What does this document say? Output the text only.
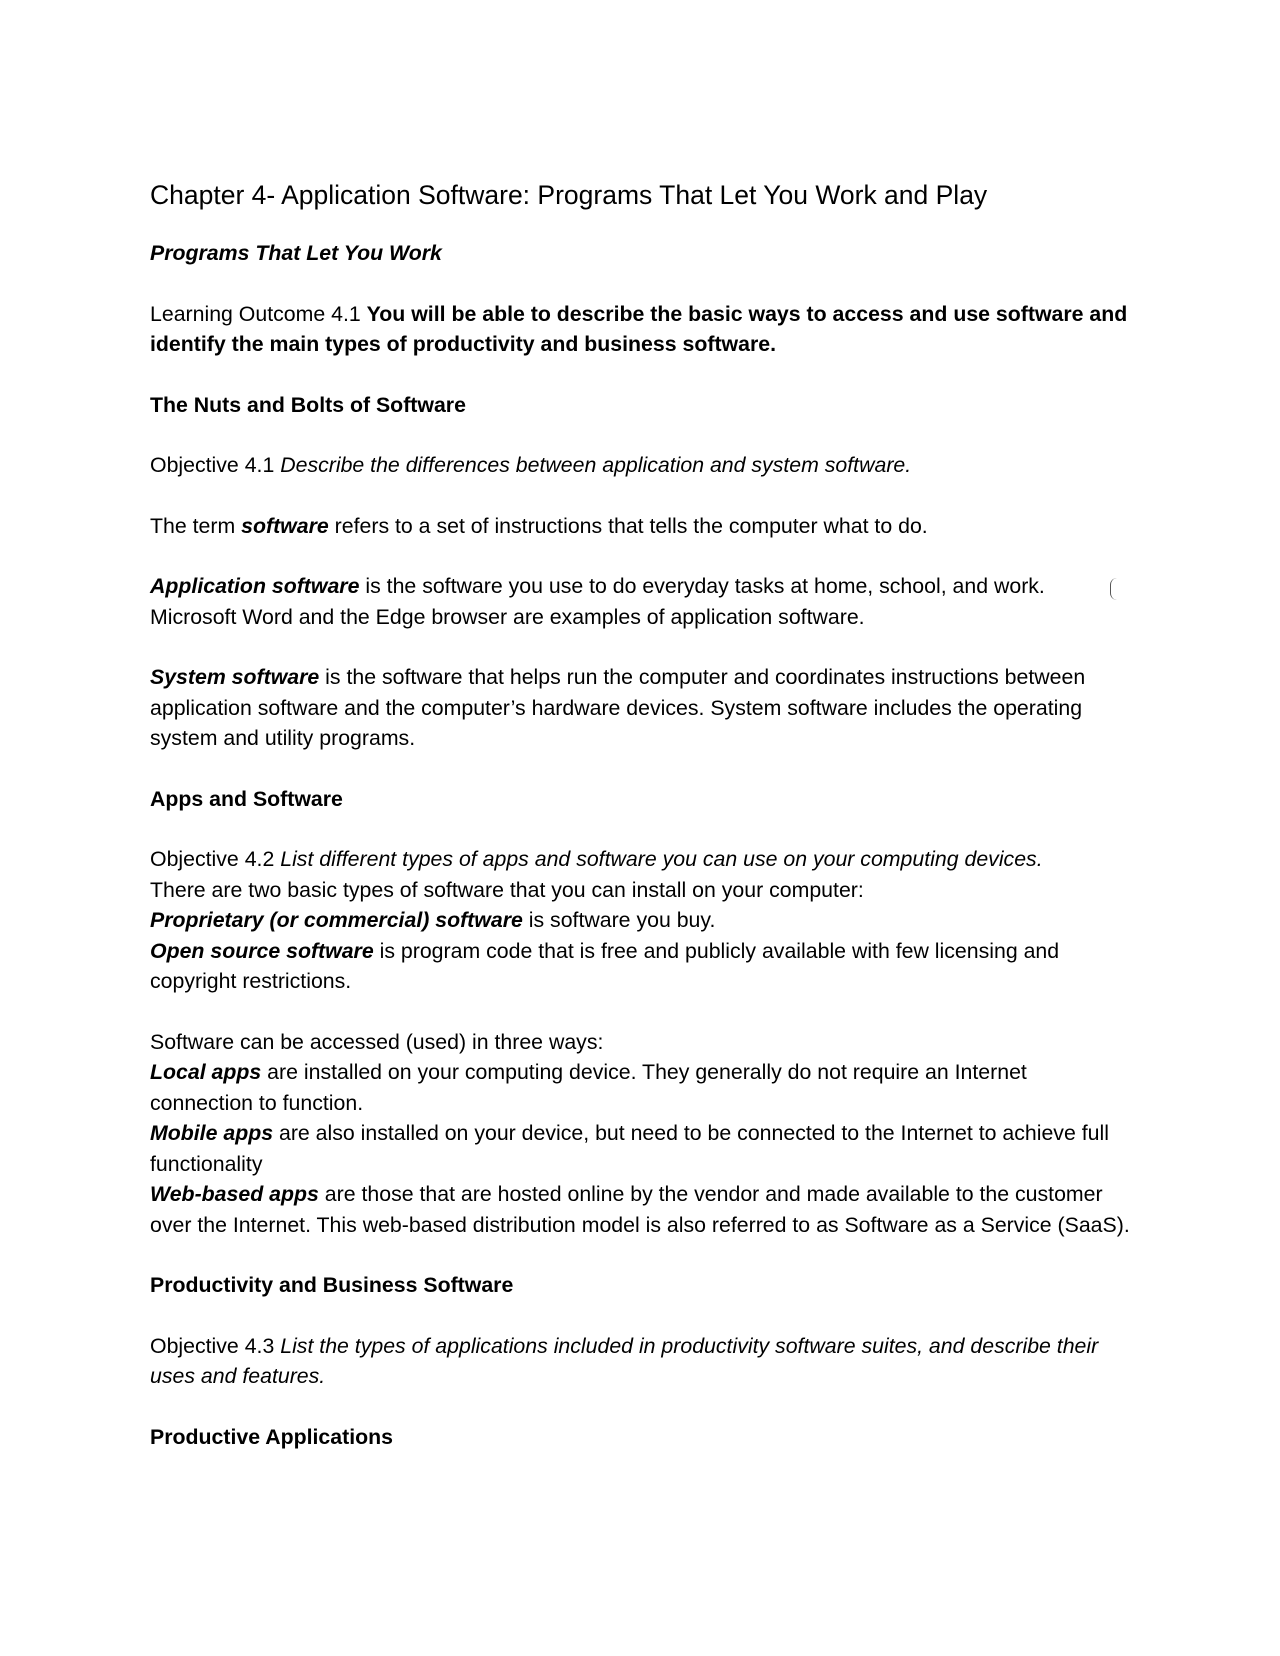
Chapter 4- Application Software: Programs That Let You Work and Play

Programs That Let You Work

Learning Outcome 4.1 You will be able to describe the basic ways to access and use software and identify the main types of productivity and business software.

The Nuts and Bolts of Software

Objective 4.1 Describe the differences between application and system software.

The term software refers to a set of instructions that tells the computer what to do.

Application software is the software you use to do everyday tasks at home, school, and work. Microsoft Word and the Edge browser are examples of application software.

System software is the software that helps run the computer and coordinates instructions between application software and the computer’s hardware devices. System software includes the operating system and utility programs.

Apps and Software

Objective 4.2 List different types of apps and software you can use on your computing devices.

There are two basic types of software that you can install on your computer:

Proprietary (or commercial) software is software you buy.

Open source software is program code that is free and publicly available with few licensing and copyright restrictions.

Software can be accessed (used) in three ways:

Local apps are installed on your computing device. They generally do not require an Internet connection to function.

Mobile apps are also installed on your device, but need to be connected to the Internet to achieve full functionality

Web-based apps are those that are hosted online by the vendor and made available to the customer over the Internet. This web-based distribution model is also referred to as Software as a Service (SaaS).

Productivity and Business Software

Objective 4.3 List the types of applications included in productivity software suites, and describe their uses and features.

Productive Applications
